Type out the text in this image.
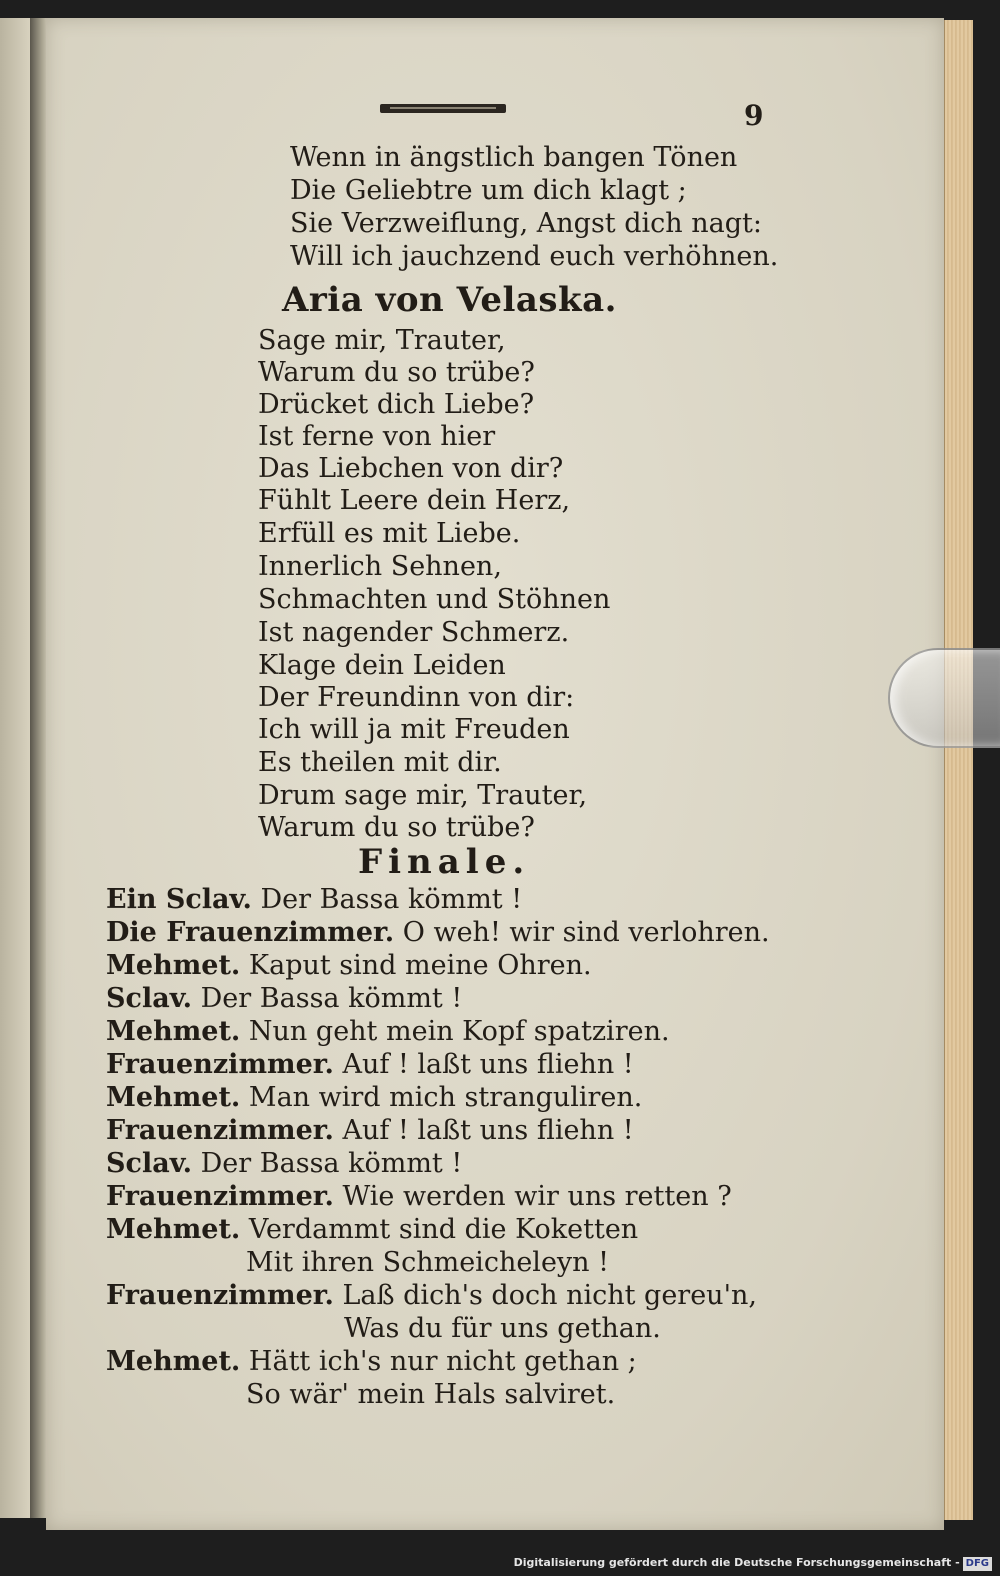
9
Wenn in ängstlich bangen Tönen
Die Geliebtre um dich klagt ;
Sie Verzweiflung, Angst dich nagt:
Will ich jauchzend euch verhöhnen.
Aria von Velaska.
Sage mir, Trauter,
Warum du so trübe?
Drücket dich Liebe?
Ist ferne von hier
Das Liebchen von dir?
Fühlt Leere dein Herz,
Erfüll es mit Liebe.
Innerlich Sehnen,
Schmachten und Stöhnen
Ist nagender Schmerz.
Klage dein Leiden
Der Freundinn von dir:
Ich will ja mit Freuden
Es theilen mit dir.
Drum sage mir, Trauter,
Warum du so trübe?
Finale.
Ein Sclav. Der Bassa kömmt !
Die Frauenzimmer. O weh! wir sind verlohren.
Mehmet. Kaput sind meine Ohren.
Sclav. Der Bassa kömmt !
Mehmet. Nun geht mein Kopf spatziren.
Frauenzimmer. Auf ! laßt uns fliehn !
Mehmet. Man wird mich stranguliren.
Frauenzimmer. Auf ! laßt uns fliehn !
Sclav. Der Bassa kömmt !
Frauenzimmer. Wie werden wir uns retten ?
Mehmet. Verdammt sind die Koketten
Mit ihren Schmeicheleyn !
Frauenzimmer. Laß dich's doch nicht gereu'n,
Was du für uns gethan.
Mehmet. Hätt ich's nur nicht gethan ;
So wär' mein Hals salviret.
Digitalisierung gefördert durch die Deutsche Forschungsgemeinschaft - DFG
